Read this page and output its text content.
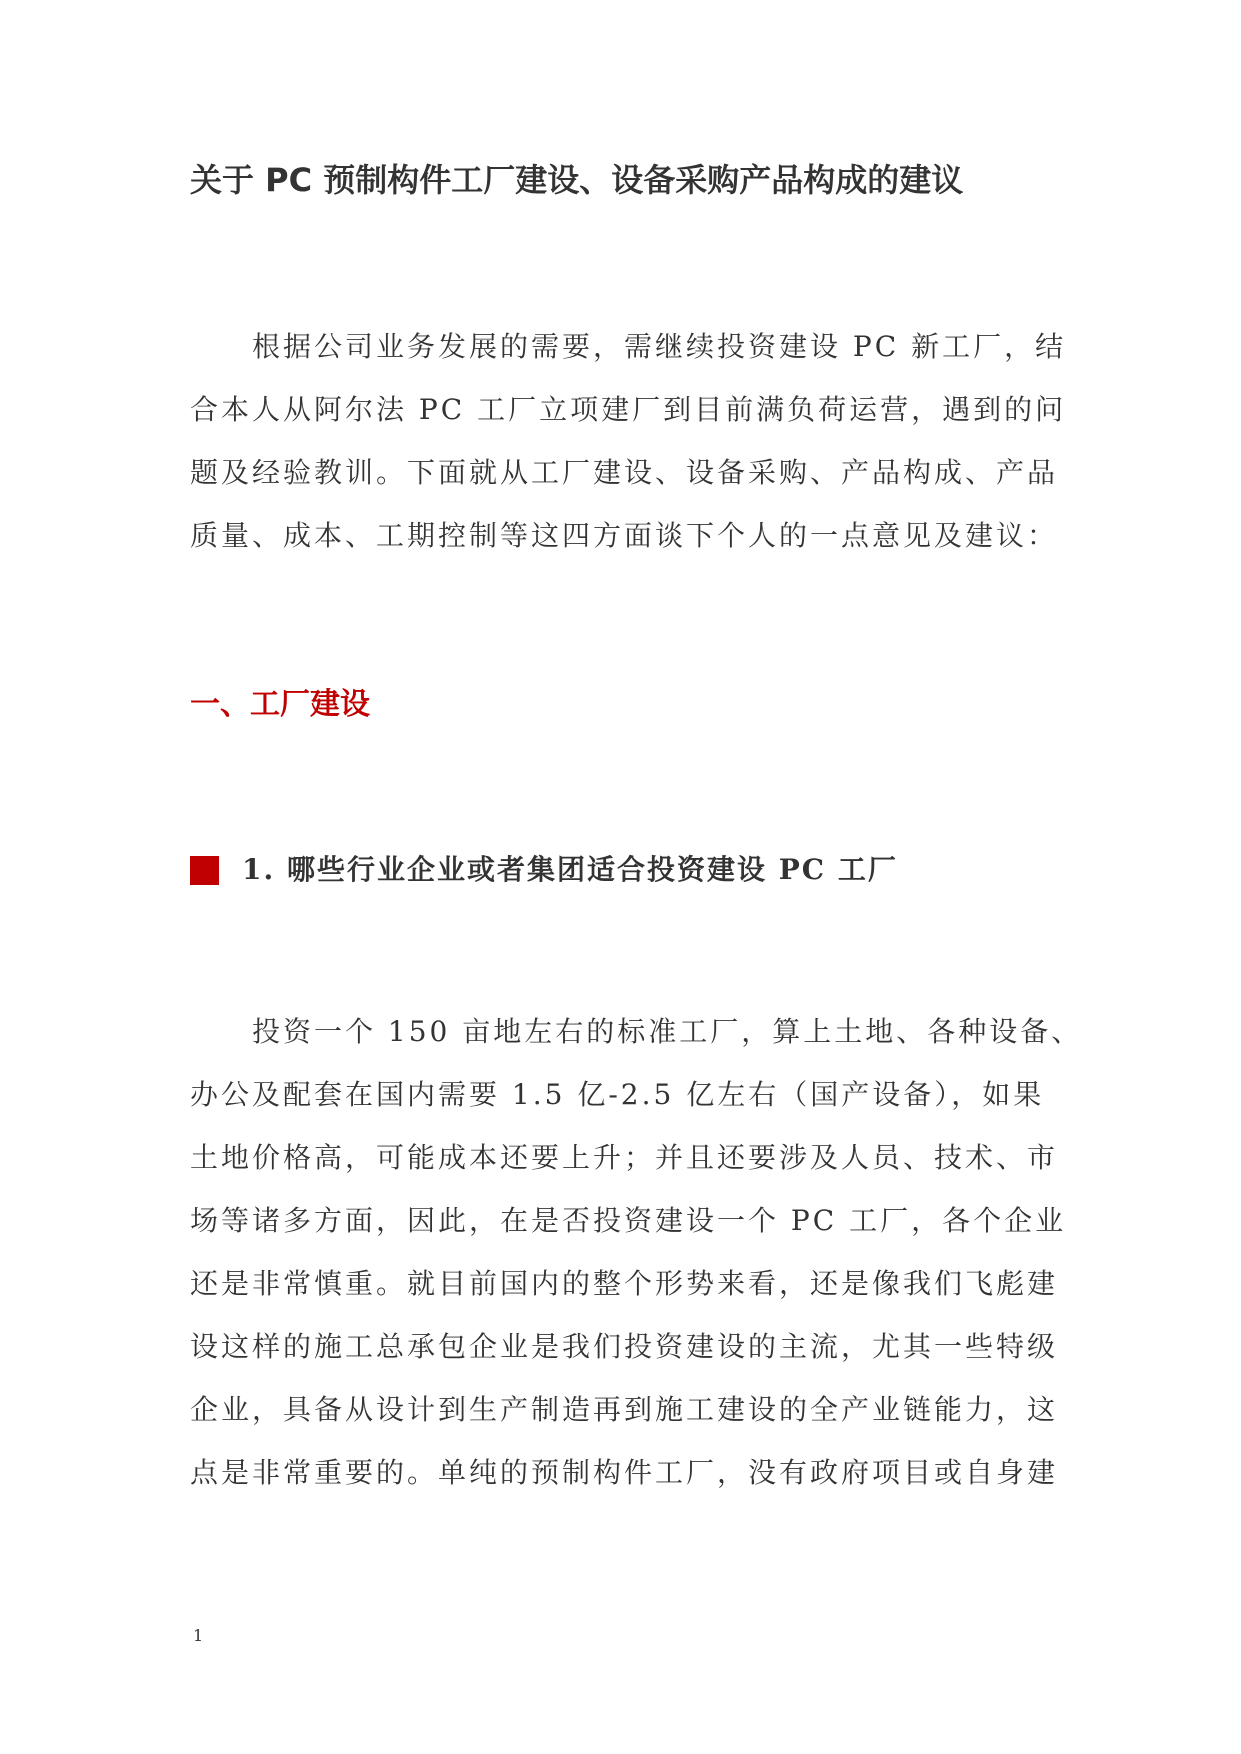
关于 PC 预制构件工厂建设、设备采购产品构成的建议
　　根据公司业务发展的需要，需继续投资建设 PC 新工厂，结
合本人从阿尔法 PC 工厂立项建厂到目前满负荷运营，遇到的问
题及经验教训。下面就从工厂建设、设备采购、产品构成、产品
质量、成本、工期控制等这四方面谈下个人的一点意见及建议：
一、工厂建设
1. 哪些行业企业或者集团适合投资建设 PC 工厂
　　投资一个 150 亩地左右的标准工厂，算上土地、各种设备、
办公及配套在国内需要 1.5 亿-2.5 亿左右（国产设备），如果
土地价格高，可能成本还要上升；并且还要涉及人员、技术、市
场等诸多方面，因此，在是否投资建设一个 PC 工厂，各个企业
还是非常慎重。就目前国内的整个形势来看，还是像我们飞彪建
设这样的施工总承包企业是我们投资建设的主流，尤其一些特级
企业，具备从设计到生产制造再到施工建设的全产业链能力，这
点是非常重要的。单纯的预制构件工厂，没有政府项目或自身建
1
